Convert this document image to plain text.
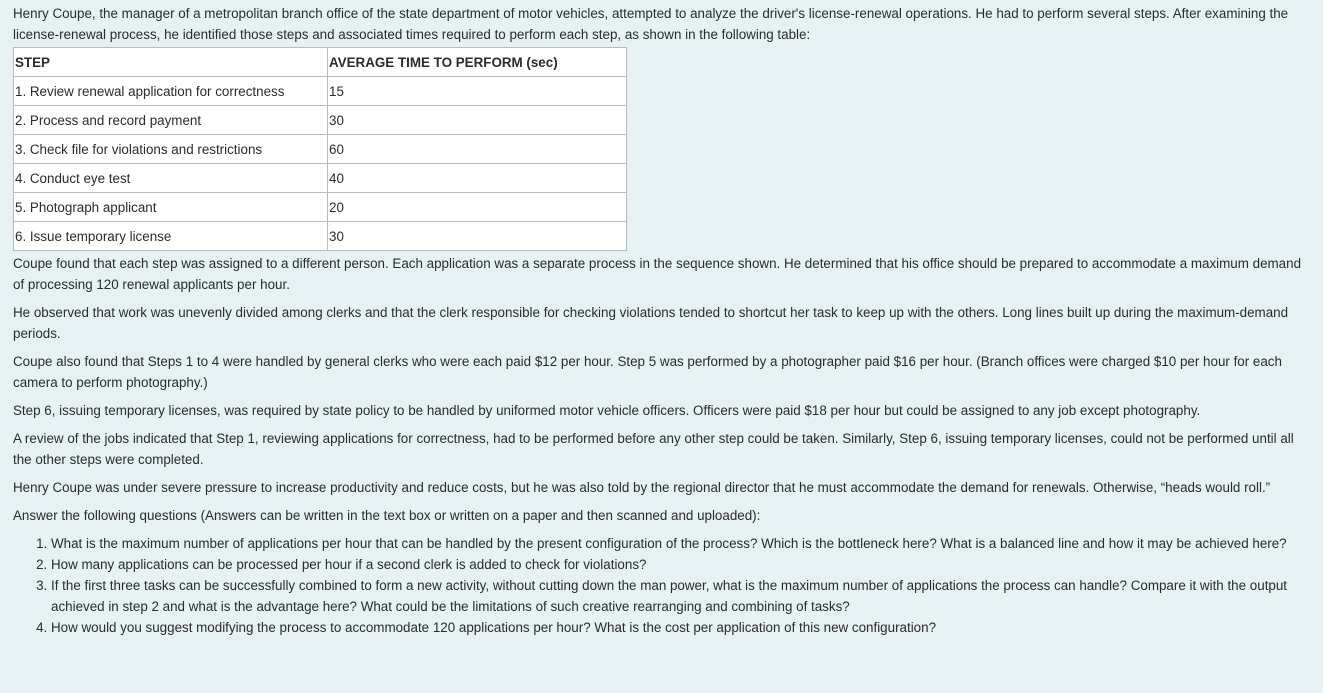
Henry Coupe, the manager of a metropolitan branch office of the state department of motor vehicles, attempted to analyze the driver's license-renewal operations. He had to perform several steps. After examining the license-renewal process, he identified those steps and associated times required to perform each step, as shown in the following table:

STEP	AVERAGE TIME TO PERFORM (sec)
1. Review renewal application for correctness	15
2. Process and record payment	30
3. Check file for violations and restrictions	60
4. Conduct eye test	40
5. Photograph applicant	20
6. Issue temporary license	30

Coupe found that each step was assigned to a different person. Each application was a separate process in the sequence shown. He determined that his office should be prepared to accommodate a maximum demand of processing 120 renewal applicants per hour.

He observed that work was unevenly divided among clerks and that the clerk responsible for checking violations tended to shortcut her task to keep up with the others. Long lines built up during the maximum-demand periods.

Coupe also found that Steps 1 to 4 were handled by general clerks who were each paid $12 per hour. Step 5 was performed by a photographer paid $16 per hour. (Branch offices were charged $10 per hour for each camera to perform photography.)

Step 6, issuing temporary licenses, was required by state policy to be handled by uniformed motor vehicle officers. Officers were paid $18 per hour but could be assigned to any job except photography.

A review of the jobs indicated that Step 1, reviewing applications for correctness, had to be performed before any other step could be taken. Similarly, Step 6, issuing temporary licenses, could not be performed until all the other steps were completed.

Henry Coupe was under severe pressure to increase productivity and reduce costs, but he was also told by the regional director that he must accommodate the demand for renewals. Otherwise, “heads would roll.”

Answer the following questions (Answers can be written in the text box or written on a paper and then scanned and uploaded):

1. What is the maximum number of applications per hour that can be handled by the present configuration of the process? Which is the bottleneck here? What is a balanced line and how it may be achieved here?
2. How many applications can be processed per hour if a second clerk is added to check for violations?
3. If the first three tasks can be successfully combined to form a new activity, without cutting down the man power, what is the maximum number of applications the process can handle? Compare it with the output achieved in step 2 and what is the advantage here? What could be the limitations of such creative rearranging and combining of tasks?
4. How would you suggest modifying the process to accommodate 120 applications per hour? What is the cost per application of this new configuration?
